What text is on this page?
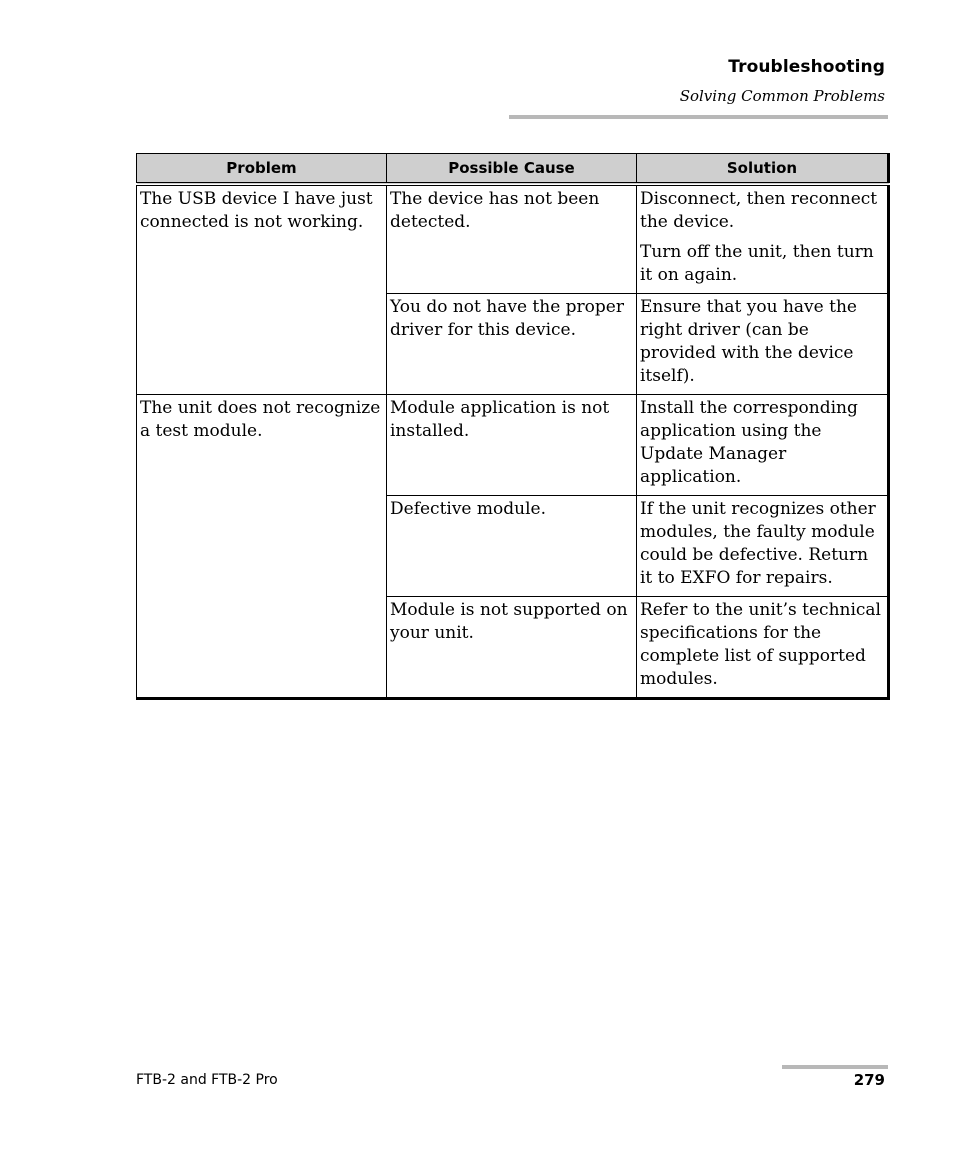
Troubleshooting
Solving Common Problems
Problem	Possible Cause	Solution
The USB device I have just connected is not working.	The device has not been detected.	Disconnect, then reconnect the device.

Turn off the unit, then turn it on again.

	You do not have the proper driver for this device.	Ensure that you have the right driver (can be provided with the device itself).

The unit does not recognize a test module.	Module application is not installed.	Install the corresponding application using the Update Manager application.

	Defective module.	If the unit recognizes other modules, the faulty module could be defective. Return it to EXFO for repairs.

	Module is not supported on your unit.	Refer to the unit’s technical specifications for the complete list of supported modules.

FTB-2 and FTB-2 Pro	279
